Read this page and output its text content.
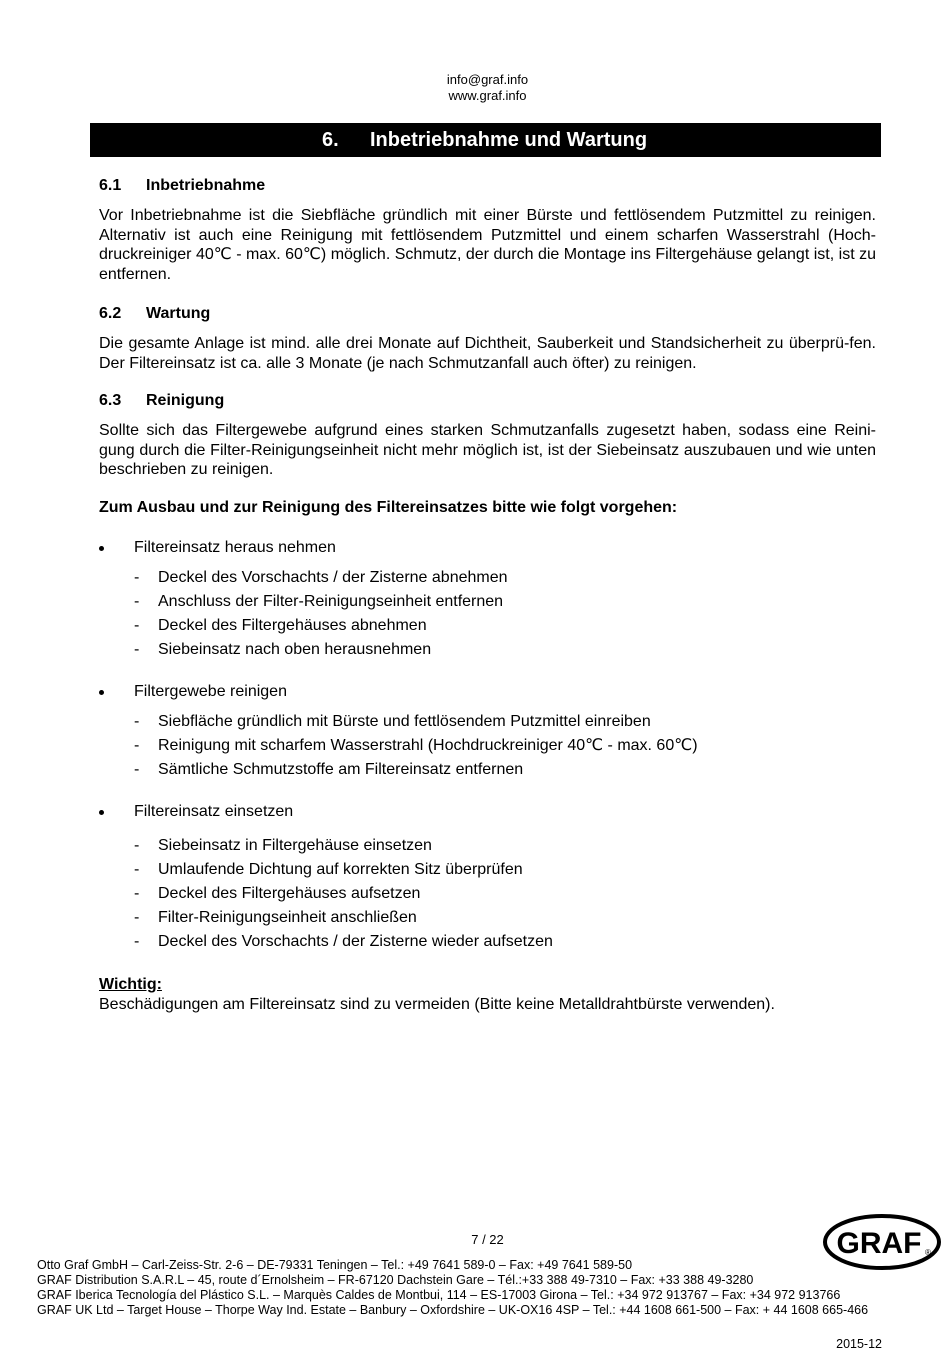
info@graf.info
www.graf.info
6. Inbetriebnahme und Wartung
6.1	Inbetriebnahme
Vor Inbetriebnahme ist die Siebfläche gründlich mit einer Bürste und fettlösendem Putzmittel zu reinigen. Alternativ ist auch eine Reinigung mit fettlösendem Putzmittel und einem scharfen Wasserstrahl (Hoch-druckreiniger 40℃ - max. 60℃) möglich. Schmutz, der durch die Montage ins Filtergehäuse gelangt ist, ist zu entfernen.
6.2	Wartung
Die gesamte Anlage ist mind. alle drei Monate auf Dichtheit, Sauberkeit und Standsicherheit zu überprü-fen. Der Filtereinsatz ist ca. alle 3 Monate (je nach Schmutzanfall auch öfter) zu reinigen.
6.3	Reinigung
Sollte sich das Filtergewebe aufgrund eines starken Schmutzanfalls zugesetzt haben, sodass eine Reini-gung durch die Filter-Reinigungseinheit nicht mehr möglich ist, ist der Siebeinsatz auszubauen und wie unten beschrieben zu reinigen.
Zum Ausbau und zur Reinigung des Filtereinsatzes bitte wie folgt vorgehen:
Filtereinsatz heraus nehmen
- Deckel des Vorschachts / der Zisterne abnehmen
- Anschluss der Filter-Reinigungseinheit entfernen
- Deckel des Filtergehäuses abnehmen
- Siebeinsatz nach oben herausnehmen
Filtergewebe reinigen
- Siebfläche gründlich mit Bürste und fettlösendem Putzmittel einreiben
- Reinigung mit scharfem Wasserstrahl (Hochdruckreiniger 40℃ - max. 60℃)
- Sämtliche Schmutzstoffe am Filtereinsatz entfernen
Filtereinsatz einsetzen
- Siebeinsatz in Filtergehäuse einsetzen
- Umlaufende Dichtung auf korrekten Sitz überprüfen
- Deckel des Filtergehäuses aufsetzen
- Filter-Reinigungseinheit anschließen
- Deckel des Vorschachts / der Zisterne wieder aufsetzen
Wichtig:
Beschädigungen am Filtereinsatz sind zu vermeiden (Bitte keine Metalldrahtbürste verwenden).
7 / 22
Otto Graf GmbH – Carl-Zeiss-Str. 2-6 – DE-79331 Teningen – Tel.: +49 7641 589-0 – Fax: +49 7641 589-50
GRAF Distribution S.A.R.L – 45, route d´Ernolsheim – FR-67120 Dachstein Gare – Tél.:+33 388 49-7310 – Fax: +33 388 49-3280
GRAF Iberica Tecnología del Plástico S.L. – Marquès Caldes de Montbui, 114 – ES-17003 Girona – Tel.: +34 972 913767 – Fax: +34 972 913766
GRAF UK Ltd – Target House – Thorpe Way Ind. Estate – Banbury – Oxfordshire – UK-OX16 4SP – Tel.: +44 1608 661-500 – Fax: + 44 1608 665-466
GRAF ®
2015-12
